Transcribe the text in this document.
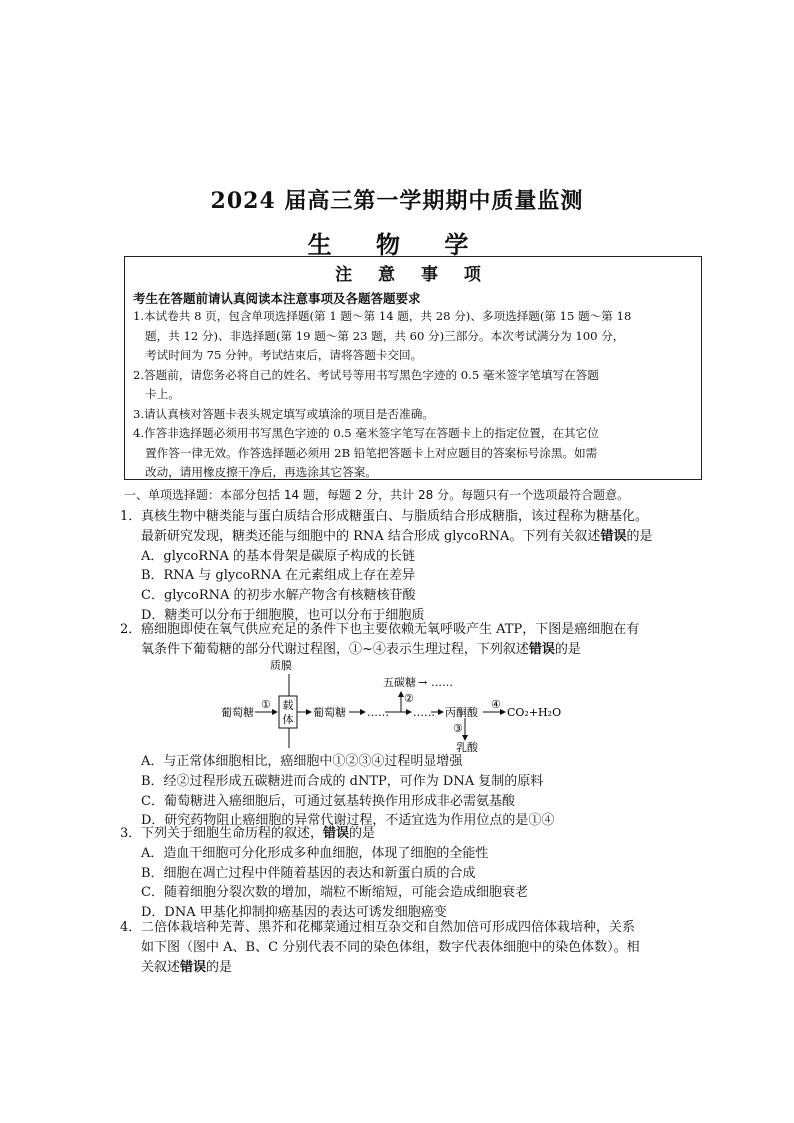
2024 届高三第一学期期中质量监测
生 物 学
注 意 事 项
考生在答题前请认真阅读本注意事项及各题答题要求
1.本试卷共 8 页，包含单项选择题(第 1 题～第 14 题，共 28 分)、多项选择题(第 15 题～第 18
题，共 12 分)、非选择题(第 19 题～第 23 题，共 60 分)三部分。本次考试满分为 100 分，
考试时间为 75 分钟。考试结束后，请将答题卡交回。
2.答题前，请您务必将自己的姓名、考试号等用书写黑色字迹的 0.5 毫米签字笔填写在答题
卡上。
3.请认真核对答题卡表头规定填写或填涂的项目是否准确。
4.作答非选择题必须用书写黑色字迹的 0.5 毫米签字笔写在答题卡上的指定位置，在其它位
置作答一律无效。作答选择题必须用 2B 铅笔把答题卡上对应题目的答案标号涂黑。如需
改动，请用橡皮擦干净后，再选涂其它答案。
一、单项选择题：本部分包括 14 题，每题 2 分，共计 28 分。每题只有一个选项最符合题意。
1．真核生物中糖类能与蛋白质结合形成糖蛋白、与脂质结合形成糖脂，该过程称为糖基化。
最新研究发现，糖类还能与细胞中的 RNA 结合形成 glycoRNA。下列有关叙述错误的是
A．glycoRNA 的基本骨架是碳原子构成的长链
B．RNA 与 glycoRNA 在元素组成上存在差异
C．glycoRNA 的初步水解产物含有核糖核苷酸
D．糖类可以分布于细胞膜，也可以分布于细胞质
2．癌细胞即使在氧气供应充足的条件下也主要依赖无氧呼吸产生 ATP，下图是癌细胞在有
氧条件下葡萄糖的部分代谢过程图，①~④表示生理过程，下列叙述错误的是
质膜
载
体
葡萄糖
①
葡萄糖 ……
五碳糖 → ……
②
…… 丙酮酸
④
CO₂+H₂O
③
乳酸
A．与正常体细胞相比，癌细胞中①②③④过程明显增强
B．经②过程形成五碳糖进而合成的 dNTP，可作为 DNA 复制的原料
C．葡萄糖进入癌细胞后，可通过氨基转换作用形成非必需氨基酸
D．研究药物阻止癌细胞的异常代谢过程，不适宜选为作用位点的是①④
3．下列关于细胞生命历程的叙述，错误的是
A．造血干细胞可分化形成多种血细胞，体现了细胞的全能性
B．细胞在凋亡过程中伴随着基因的表达和新蛋白质的合成
C．随着细胞分裂次数的增加，端粒不断缩短，可能会造成细胞衰老
D．DNA 甲基化抑制抑癌基因的表达可诱发细胞癌变
4．二倍体栽培种芜菁、黑芥和花椰菜通过相互杂交和自然加倍可形成四倍体栽培种，关系
如下图（图中 A、B、C 分别代表不同的染色体组，数字代表体细胞中的染色体数）。相
关叙述错误的是
